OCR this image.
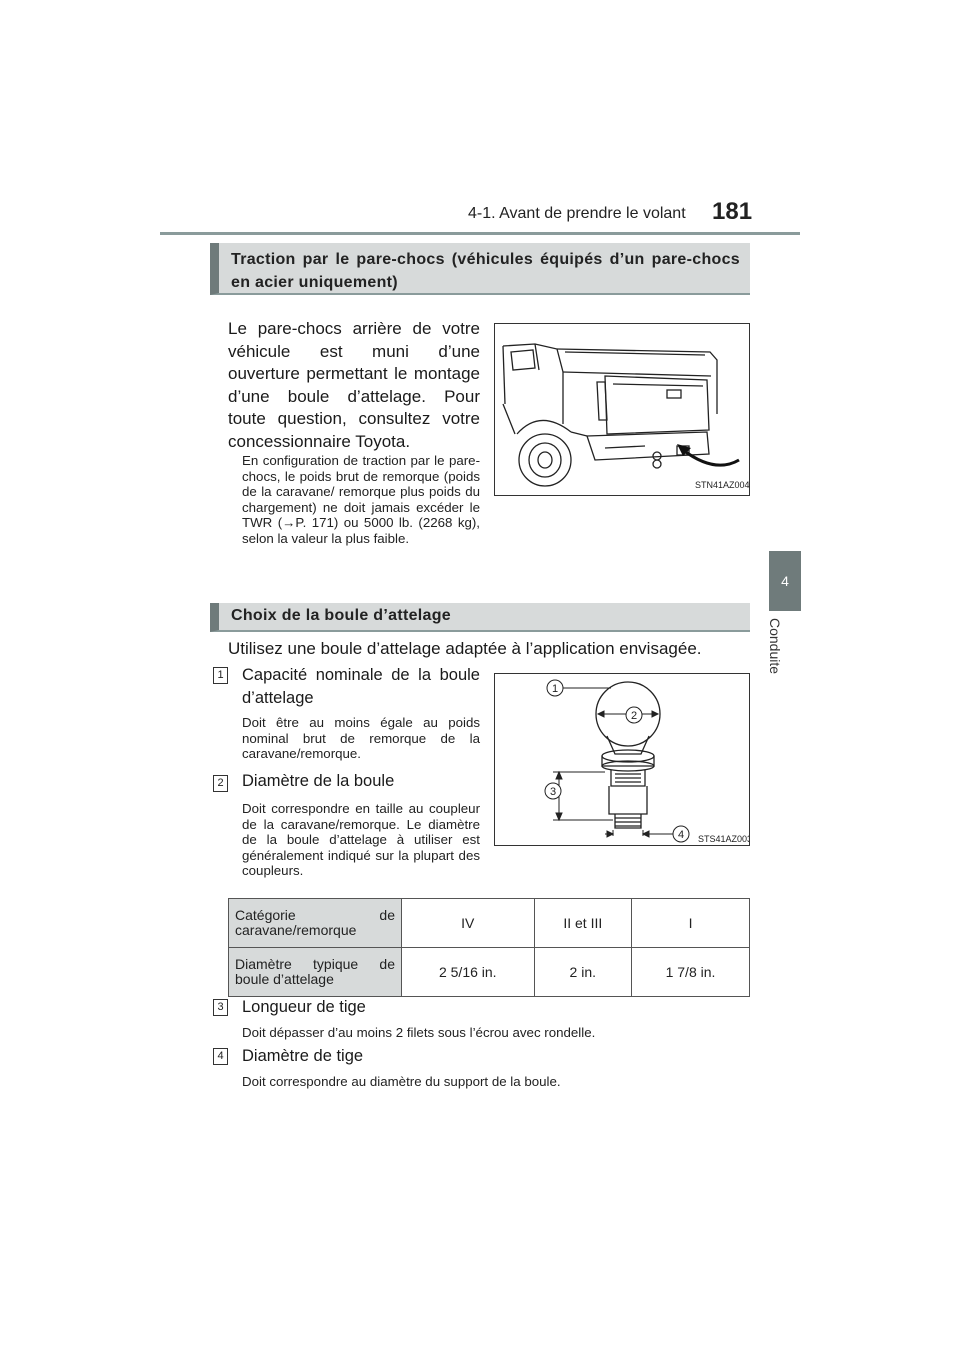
4-1. Avant de prendre le volant 181
4
Conduite
Traction par le pare-chocs (véhicules équipés d’un pare-chocs en acier uniquement)
Le pare-chocs arrière de votre véhicule est muni d’une ouverture permettant le montage d’une boule d’attelage. Pour toute question, consultez votre concessionnaire Toyota.
En configuration de traction par le pare-chocs, le poids brut de remorque (poids de la caravane/ remorque plus poids du chargement) ne doit jamais excéder le TWR (→P. 171) ou 5000 lb. (2268 kg), selon la valeur la plus faible.
STN41AZ004
Choix de la boule d’attelage
Utilisez une boule d’attelage adaptée à l’application envisagée.
1 Capacité nominale de la boule d’attelage
Doit être au moins égale au poids nominal brut de remorque de la caravane/remorque.
2 Diamètre de la boule
Doit correspondre en taille au coupleur de la caravane/remorque. Le diamètre de la boule d’attelage à utiliser est généralement indiqué sur la plupart des coupleurs.
1
2
3
4 STS41AZ003
Catégorie de caravane/remorque	IV	II et III	I
Diamètre typique de boule d’attelage	2 5/16 in.	2 in.	1 7/8 in.
3 Longueur de tige
Doit dépasser d’au moins 2 filets sous l’écrou avec rondelle.
4 Diamètre de tige
Doit correspondre au diamètre du support de la boule.
